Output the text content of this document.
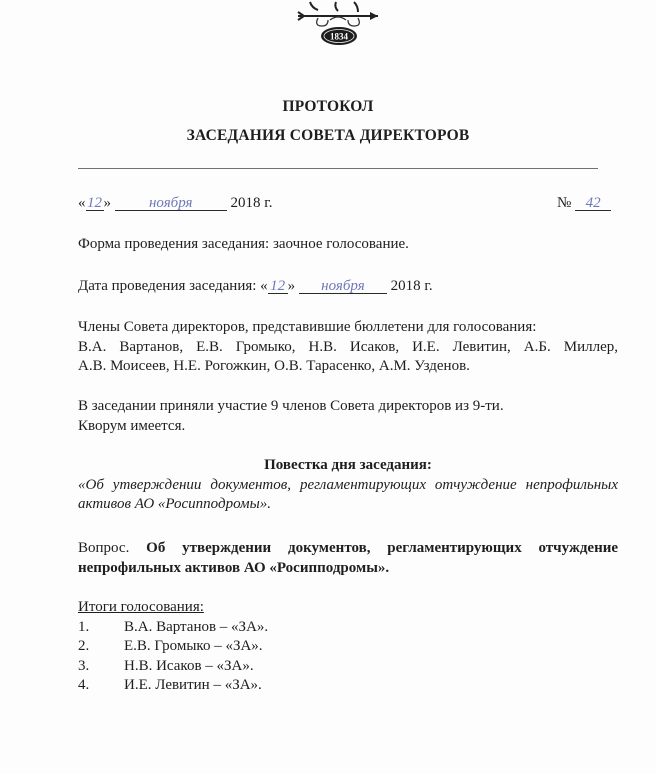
1834
ПРОТОКОЛ
ЗАСЕДАНИЯ СОВЕТА ДИРЕКТОРОВ
« 12 »	ноября	2018 г.	№ 42
Форма проведения заседания: заочное голосование.
Дата проведения заседания: « 12 » ноября 2018 г.
Члены Совета директоров, представившие бюллетени для голосования:
В.А. Вартанов, Е.В. Громыко, Н.В. Исаков, И.Е. Левитин, А.Б. Миллер,
А.В. Моисеев, Н.Е. Рогожкин, О.В. Тарасенко, А.М. Узденов.
В заседании приняли участие 9 членов Совета директоров из 9-ти.
Кворум имеется.
Повестка дня заседания:
«Об утверждении документов, регламентирующих отчуждение непрофильных
активов АО «Росипподромы».
Вопрос. Об утверждении документов, регламентирующих отчуждение
непрофильных активов АО «Росипподромы».
Итоги голосования:
1.	В.А. Вартанов – «ЗА».
2.	Е.В. Громыко – «ЗА».
3.	Н.В. Исаков – «ЗА».
4.	И.Е. Левитин – «ЗА».
